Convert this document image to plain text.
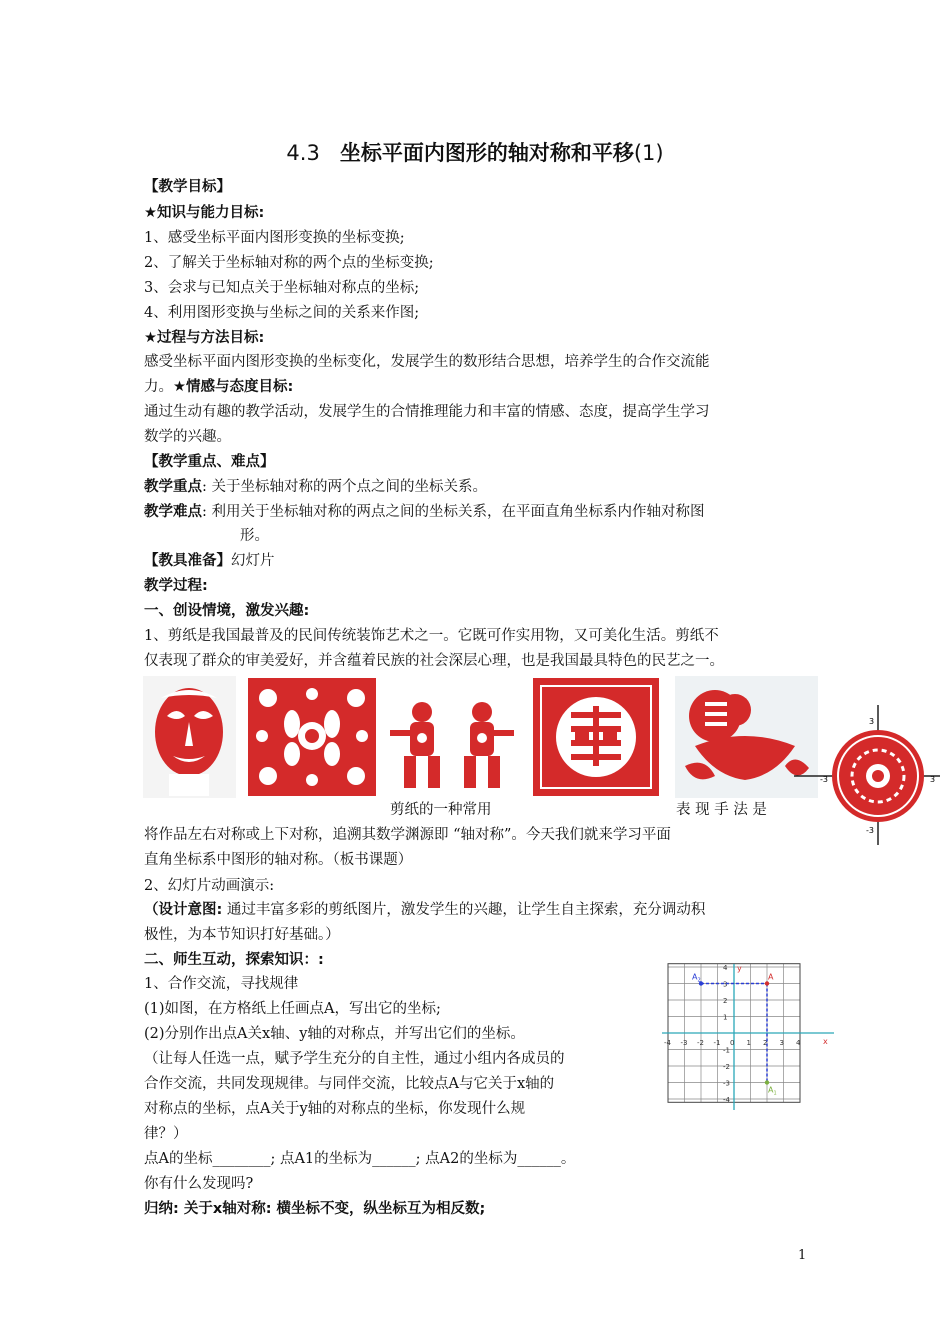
4.3 坐标平面内图形的轴对称和平移(1)
【教学目标】
★知识与能力目标:
1、感受坐标平面内图形变换的坐标变换;
2、了解关于坐标轴对称的两个点的坐标变换;
3、会求与已知点关于坐标轴对称点的坐标;
4、利用图形变换与坐标之间的关系来作图;
★过程与方法目标:
感受坐标平面内图形变换的坐标变化，发展学生的数形结合思想，培养学生的合作交流能
力。★情感与态度目标:
通过生动有趣的教学活动，发展学生的合情推理能力和丰富的情感、态度，提高学生学习
数学的兴趣。
【教学重点、难点】
教学重点: 关于坐标轴对称的两个点之间的坐标关系。
教学难点: 利用关于坐标轴对称的两点之间的坐标关系，在平面直角坐标系内作轴对称图
形。
【教具准备】幻灯片
教学过程:
一、创设情境，激发兴趣:
1、剪纸是我国最普及的民间传统装饰艺术之一。它既可作实用物，又可美化生活。剪纸不
仅表现了群众的审美爱好，并含蕴着民族的社会深层心理，也是我国最具特色的民艺之一。
3
3
-3
-3
剪纸的一种常用	表 现 手 法 是
将作品左右对称或上下对称，追溯其数学渊源即 “轴对称”。今天我们就来学习平面
直角坐标系中图形的轴对称。（板书课题）
2、幻灯片动画演示:
（设计意图: 通过丰富多彩的剪纸图片，激发学生的兴趣，让学生自主探索，充分调动积
极性，为本节知识打好基础。）
二、师生互动，探索知识：:
1、合作交流，寻找规律
(1)如图，在方格纸上任画点A，写出它的坐标;
(2)分别作出点A关x轴、y轴的对称点，并写出它们的坐标。
（让每人任选一点，赋予学生充分的自主性，通过小组内各成员的
合作交流，共同发现规律。与同伴交流，比较点A与它关于x轴的
对称点的坐标，点A关于y轴的对称点的坐标，你发现什么规
律？）
点A的坐标________; 点A1的坐标为______; 点A2的坐标为______。
你有什么发现吗?
归纳: 关于x轴对称: 横坐标不变，纵坐标互为相反数;
x
y
-4 -3 -2 -1 0 1 2 3 4
4
3
2
1
-1
-2
-3
-4
A
$A_1$
$A_2$
1
